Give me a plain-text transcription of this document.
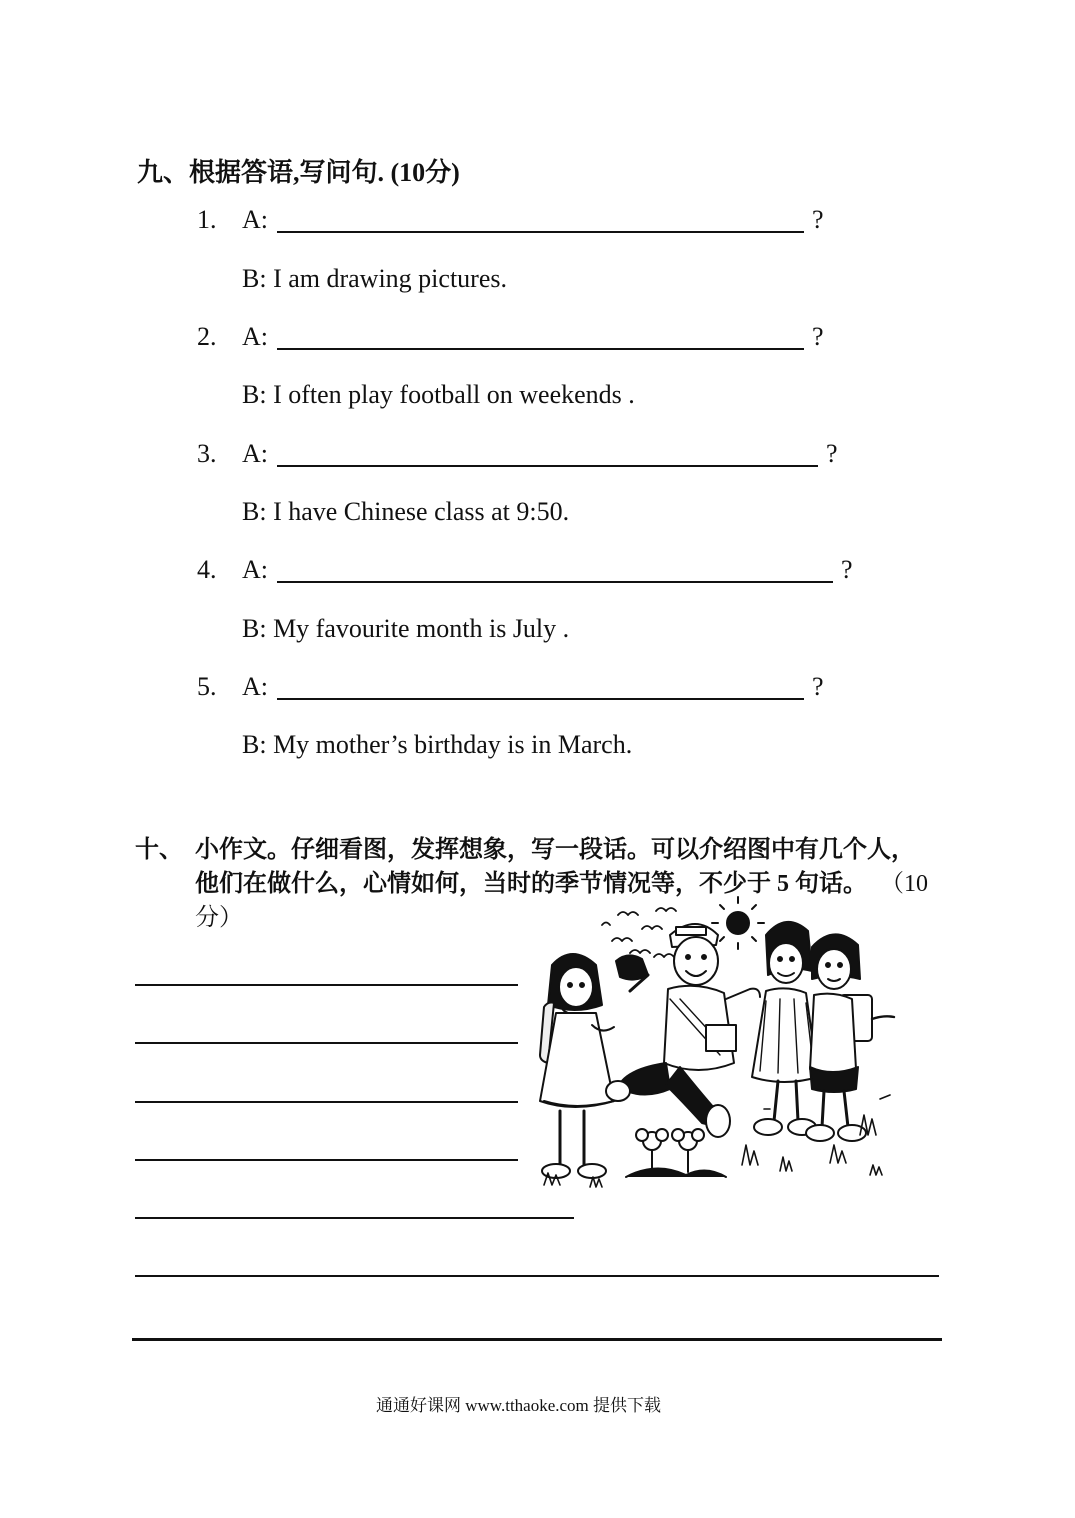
九、根据答语,写问句. (10分)
1. A:	?
B: I am drawing pictures.
2. A:	?
B: I often play football on weekends .
3. A:	?
B: I have Chinese class at 9:50.
4. A:	?
B: My favourite month is July .
5. A:	?
B: My mother’s birthday is in March.
十、 小作文。仔细看图，发挥想象，写一段话。可以介绍图中有几个人，
他们在做什么，心情如何，当时的季节情况等，不少于 5 句话。 （10
分）
通通好课网 www.tthaoke.com 提供下载
